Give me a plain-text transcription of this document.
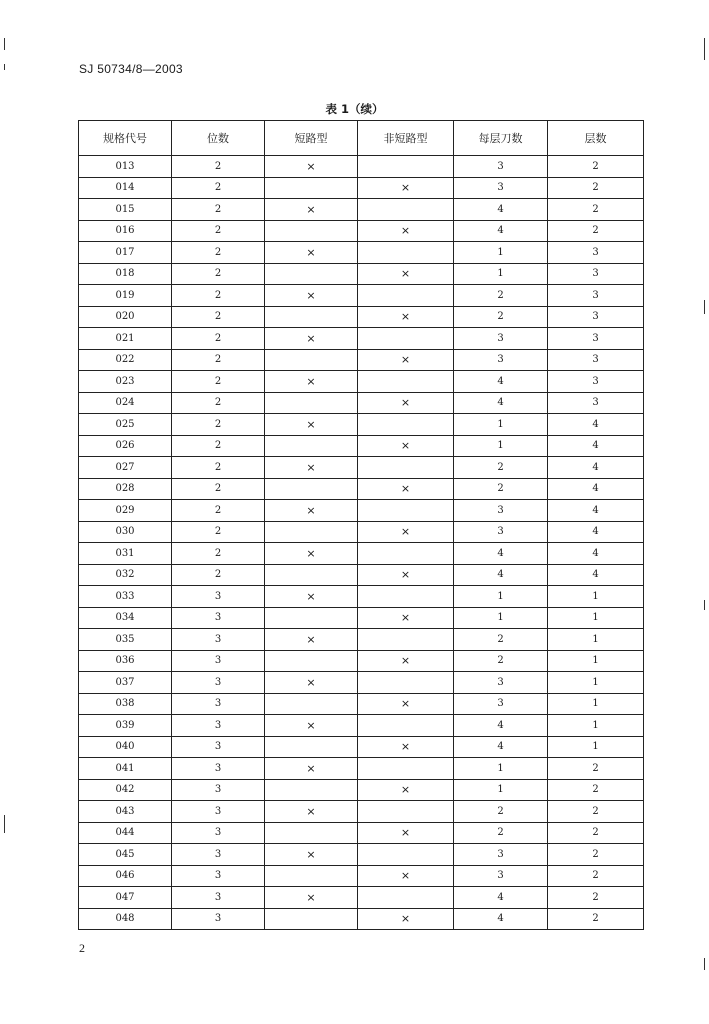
SJ 50734/8—2003
表 1（续）
规格代号	位数	短路型	非短路型	每层刀数	层数
013	2	×		3	2
014	2		×	3	2
015	2	×		4	2
016	2		×	4	2
017	2	×		1	3
018	2		×	1	3
019	2	×		2	3
020	2		×	2	3
021	2	×		3	3
022	2		×	3	3
023	2	×		4	3
024	2		×	4	3
025	2	×		1	4
026	2		×	1	4
027	2	×		2	4
028	2		×	2	4
029	2	×		3	4
030	2		×	3	4
031	2	×		4	4
032	2		×	4	4
033	3	×		1	1
034	3		×	1	1
035	3	×		2	1
036	3		×	2	1
037	3	×		3	1
038	3		×	3	1
039	3	×		4	1
040	3		×	4	1
041	3	×		1	2
042	3		×	1	2
043	3	×		2	2
044	3		×	2	2
045	3	×		3	2
046	3		×	3	2
047	3	×		4	2
048	3		×	4	2
2
